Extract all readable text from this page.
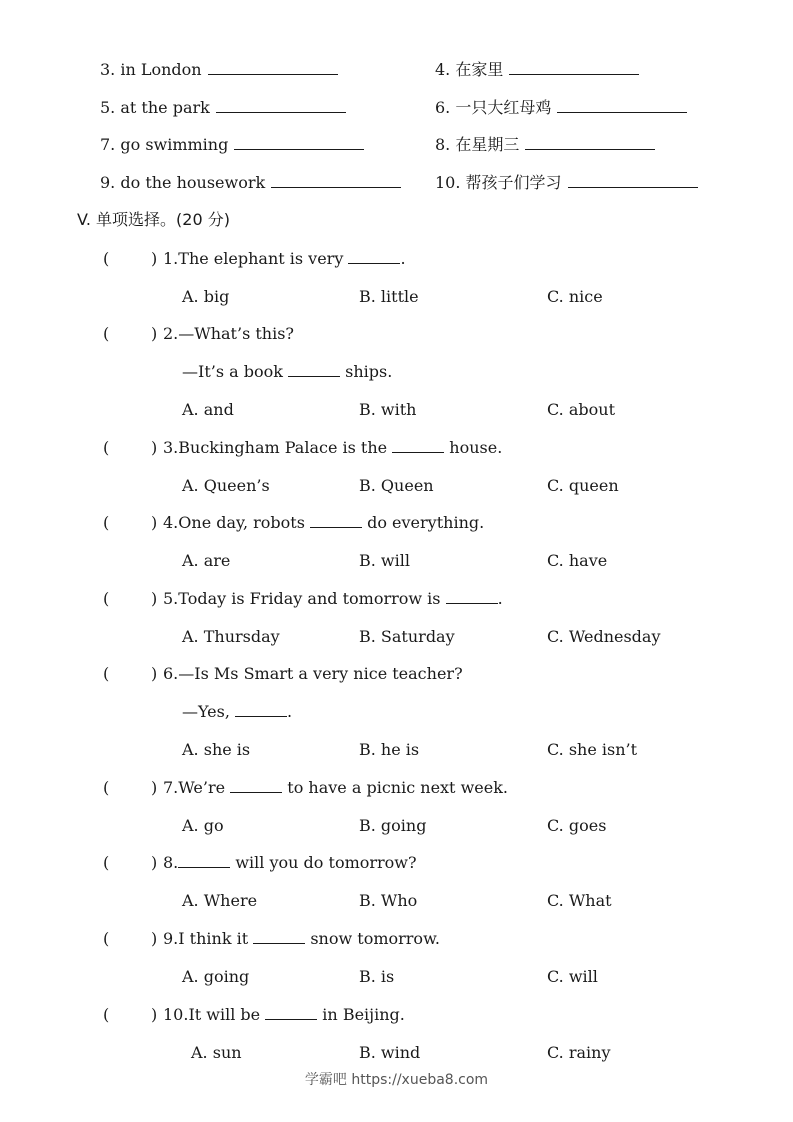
3. in London	4. 在家里
5. at the park	6. 一只大红母鸡
7. go swimming	8. 在星期三
9. do the housework	10. 帮孩子们学习
V. 单项选择。(20 分)
(	) 1.The elephant is very	.
A. big	B. little	C. nice
(	) 2.—What’s this?
—It’s a book	ships.
A. and	B. with	C. about
(	) 3.Buckingham Palace is the	house.
A. Queen’s	B. Queen	C. queen
(	) 4.One day, robots	do everything.
A. are	B. will	C. have
(	) 5.Today is Friday and tomorrow is	.
A. Thursday	B. Saturday	C. Wednesday
(	) 6.—Is Ms Smart a very nice teacher?
—Yes,	.
A. she is	B. he is	C. she isn’t
(	) 7.We’re	to have a picnic next week.
A. go	B. going	C. goes
(	) 8.	will you do tomorrow?
A. Where	B. Who	C. What
(	) 9.I think it	snow tomorrow.
A. going	B. is	C. will
(	) 10.It will be	in Beijing.
A. sun	B. wind	C. rainy
学霸吧 https://xueba8.com
